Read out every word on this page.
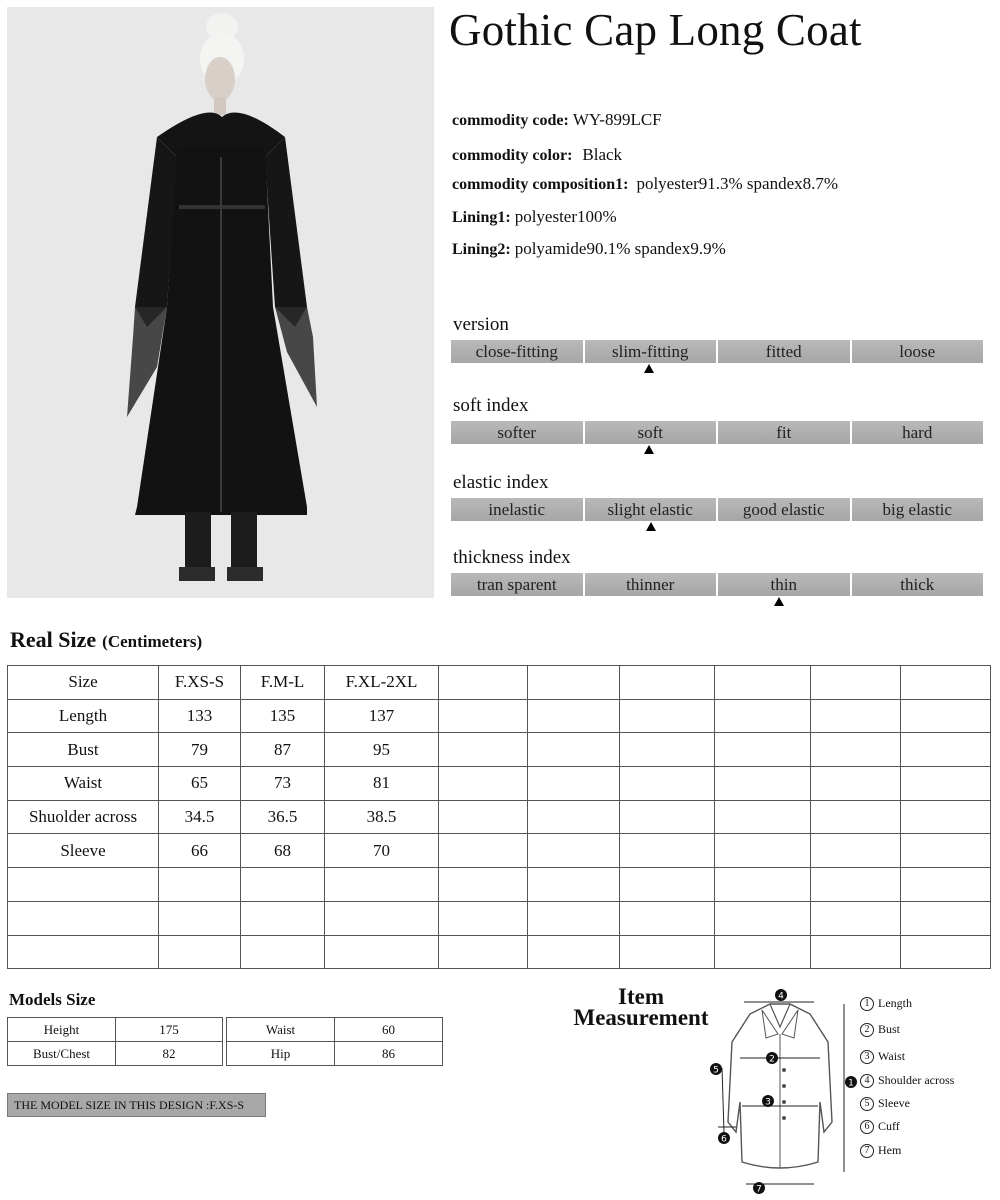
Gothic Cap Long Coat
commodity code: WY-899LCF
commodity color: Black
commodity composition1: polyester91.3% spandex8.7%
Lining1: polyester100%
Lining2: polyamide90.1% spandex9.9%
version
close-fitting	slim-fitting	fitted	loose
soft index
softer	soft	fit	hard
elastic index
inelastic	slight elastic	good elastic	big elastic
thickness index
tran sparent	thinner	thin	thick
Real Size (Centimeters)
Size	F.XS-S	F.M-L	F.XL-2XL						
Length	133	135	137						
Bust	79	87	95						
Waist	65	73	81						
Shuolder across	34.5	36.5	38.5						
Sleeve	66	68	70						

Models Size
Height	175
Bust/Chest	82
Waist	60
Hip	86
THE MODEL SIZE IN THIS DESIGN :F.XS-S
Item
Measurement
4
2
3
1
5
6
7
1 Length
2 Bust
3 Waist
4 Shoulder across
5 Sleeve
6 Cuff
7 Hem
